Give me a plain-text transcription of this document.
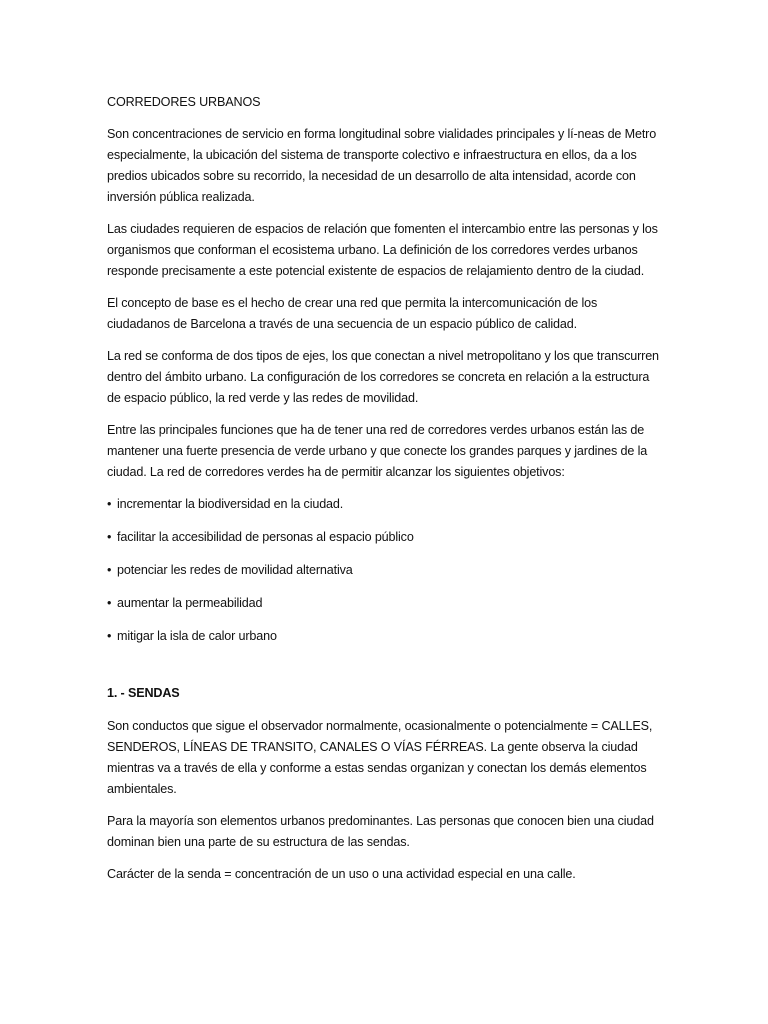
CORREDORES URBANOS

Son concentraciones de servicio en forma longitudinal sobre vialidades principales y lí-neas de Metro especialmente, la ubicación del sistema de transporte colectivo e infraestructura en ellos, da a los predios ubicados sobre su recorrido, la necesidad de un desarrollo de alta intensidad, acorde con inversión pública realizada.

Las ciudades requieren de espacios de relación que fomenten el intercambio entre las personas y los organismos que conforman el ecosistema urbano. La definición de los corredores verdes urbanos responde precisamente a este potencial existente de espacios de relajamiento dentro de la ciudad.

El concepto de base es el hecho de crear una red que permita la intercomunicación de los ciudadanos de Barcelona a través de una secuencia de un espacio público de calidad.

La red se conforma de dos tipos de ejes, los que conectan a nivel metropolitano y los que transcurren dentro del ámbito urbano. La configuración de los corredores se concreta en relación a la estructura de espacio público, la red verde y las redes de movilidad.

Entre las principales funciones que ha de tener una red de corredores verdes urbanos están las de mantener una fuerte presencia de verde urbano y que conecte los grandes parques y jardines de la ciudad. La red de corredores verdes ha de permitir alcanzar los siguientes objetivos:

• incrementar la biodiversidad en la ciudad.
• facilitar la accesibilidad de personas al espacio público
• potenciar les redes de movilidad alternativa
• aumentar la permeabilidad
• mitigar la isla de calor urbano
1. - SENDAS

Son conductos que sigue el observador normalmente, ocasionalmente o potencialmente = CALLES, SENDEROS, LÍNEAS DE TRANSITO, CANALES O VÍAS FÉRREAS. La gente observa la ciudad mientras va a través de ella y conforme a estas sendas organizan y conectan los demás elementos ambientales.

Para la mayoría son elementos urbanos predominantes. Las personas que conocen bien una ciudad dominan bien una parte de su estructura de las sendas.

Carácter de la senda = concentración de un uso o una actividad especial en una calle.
